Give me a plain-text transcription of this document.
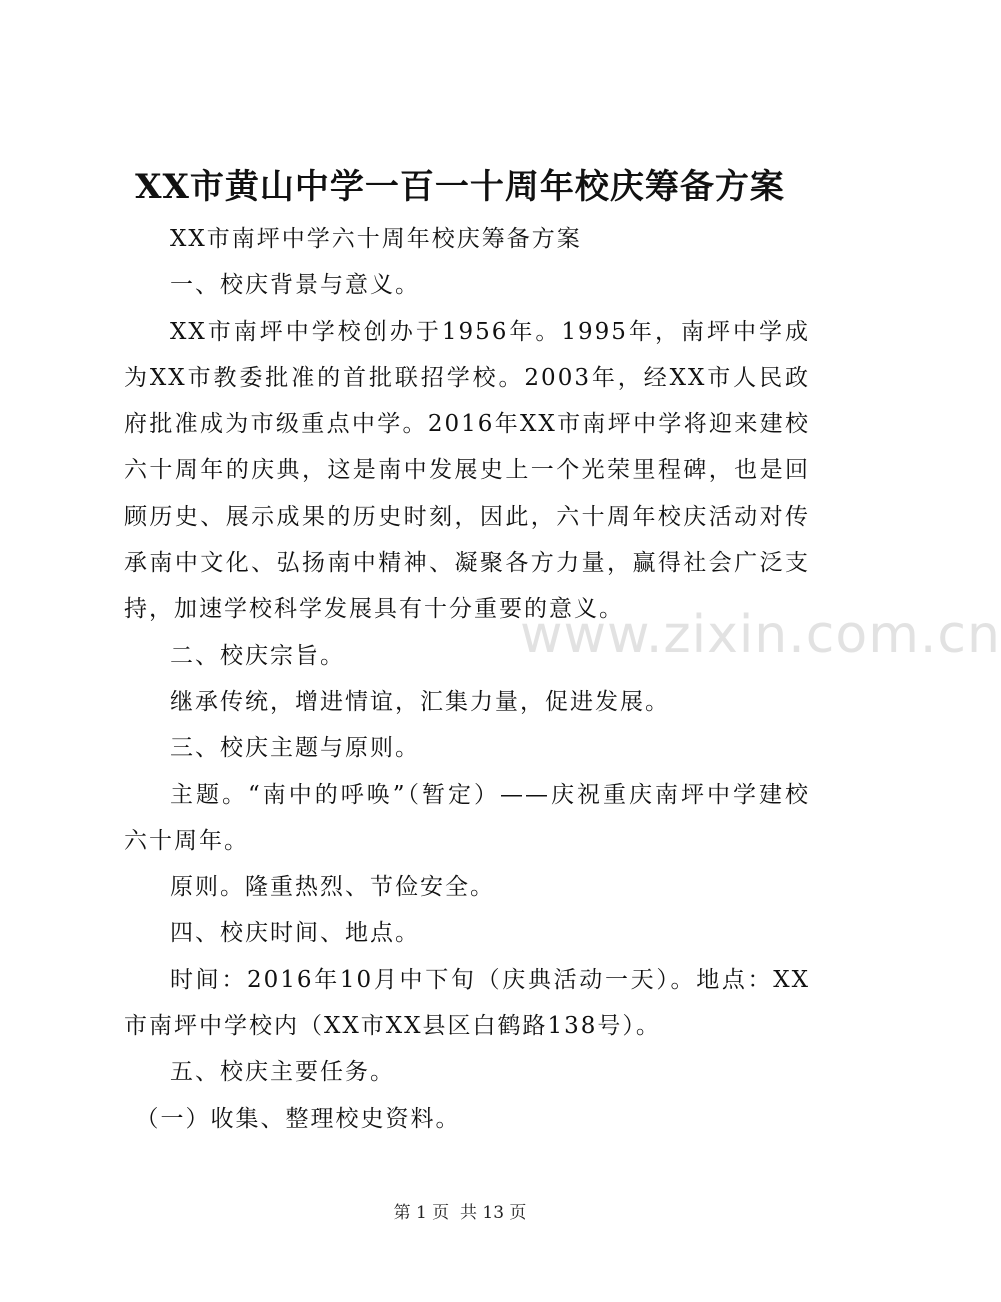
XX市黄山中学一百一十周年校庆筹备方案

XX市南坪中学六十周年校庆筹备方案

一、校庆背景与意义。

XX市南坪中学校创办于1956年。1995年，南坪中学成为XX市教委批准的首批联招学校。2003年，经XX市人民政府批准成为市级重点中学。2016年XX市南坪中学将迎来建校六十周年的庆典，这是南中发展史上一个光荣里程碑，也是回顾历史、展示成果的历史时刻，因此，六十周年校庆活动对传承南中文化、弘扬南中精神、凝聚各方力量，赢得社会广泛支持，加速学校科学发展具有十分重要的意义。

二、校庆宗旨。

继承传统，增进情谊，汇集力量，促进发展。

三、校庆主题与原则。

主题。“南中的呼唤”（暂定）——庆祝重庆南坪中学建校六十周年。

原则。隆重热烈、节俭安全。

四、校庆时间、地点。

时间：2016年10月中下旬（庆典活动一天）。地点：XX市南坪中学校内（XX市XX县区白鹤路138号）。

五、校庆主要任务。

（一）收集、整理校史资料。

www.zixin.com.cn
第 1 页  共 13 页
